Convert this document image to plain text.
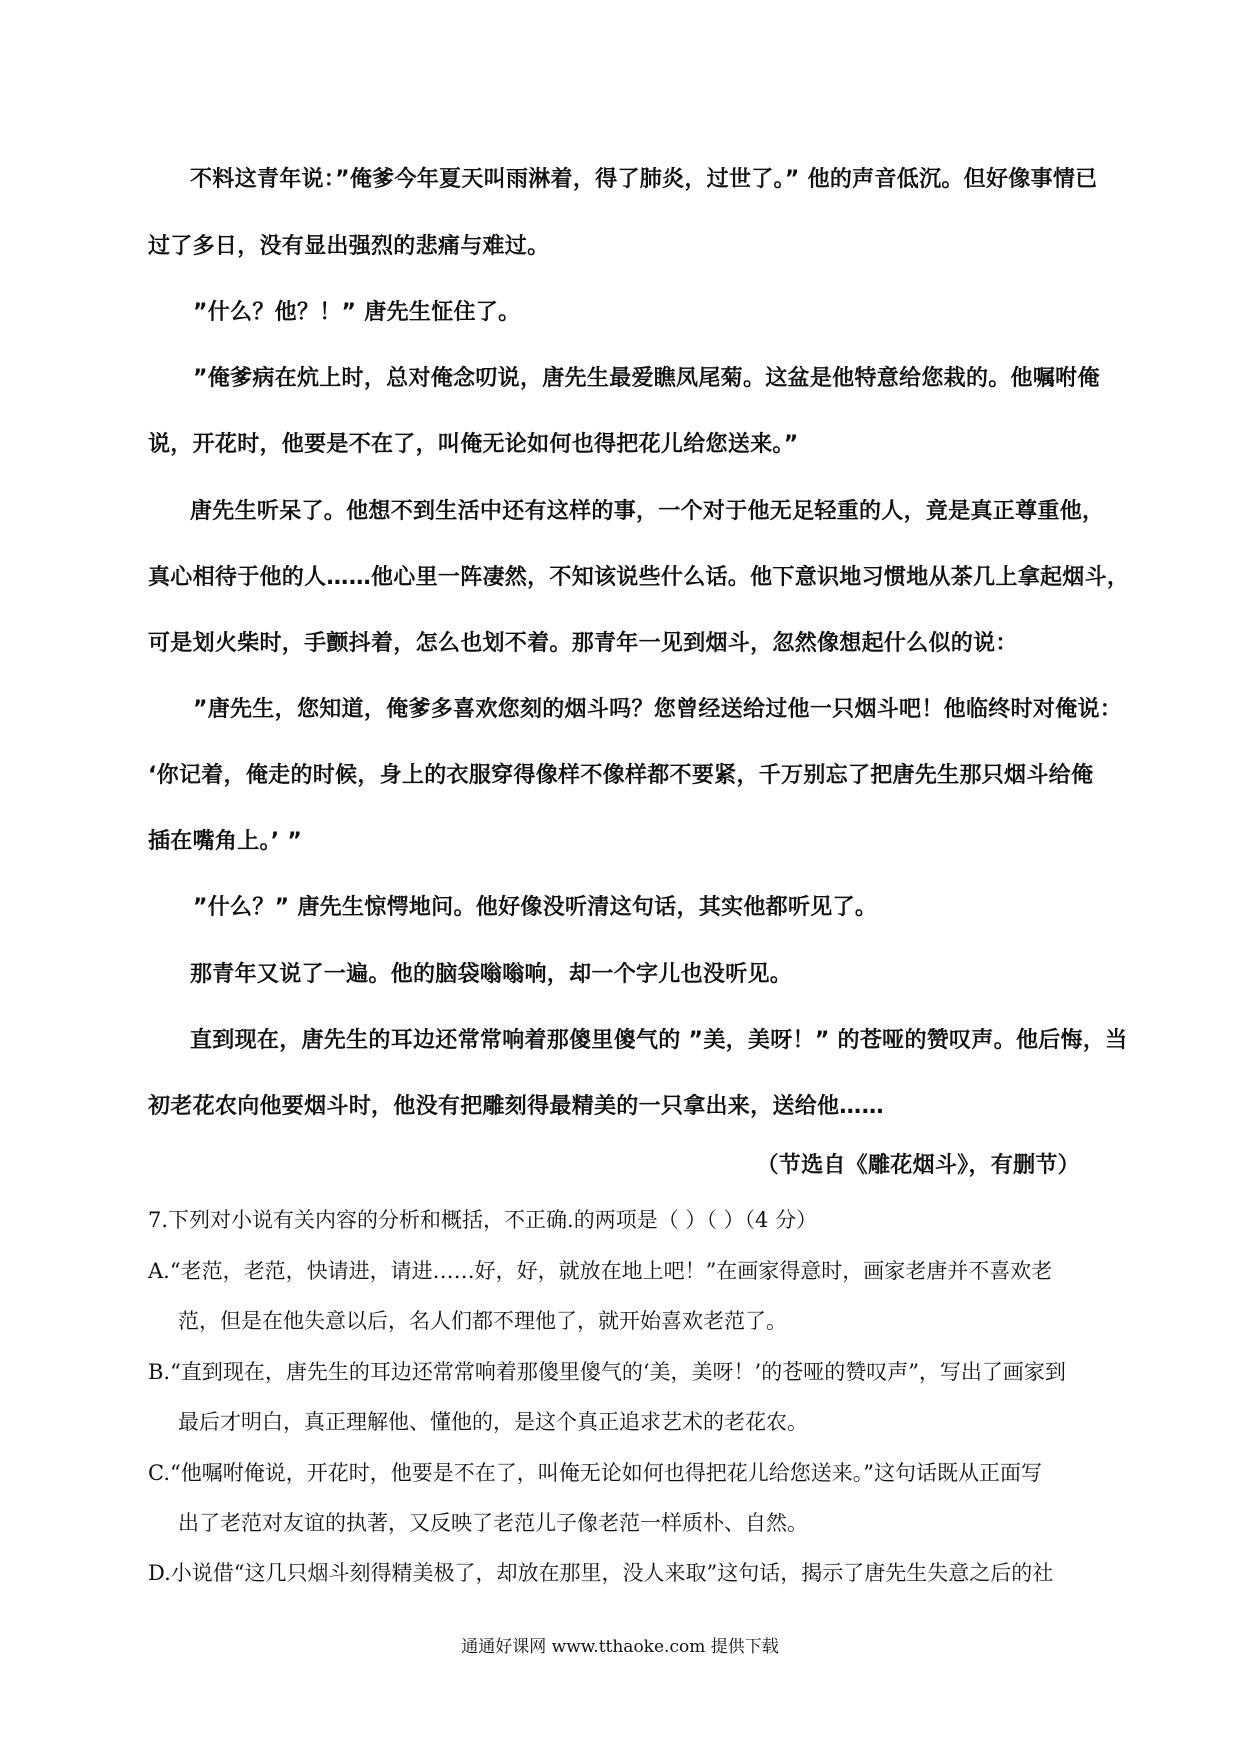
不料这青年说：”俺爹今年夏天叫雨淋着，得了肺炎，过世了。” 他的声音低沉。但好像事情已
过了多日，没有显出强烈的悲痛与难过。
”什么？他？！” 唐先生怔住了。
”俺爹病在炕上时，总对俺念叨说，唐先生最爱瞧凤尾菊。这盆是他特意给您栽的。他嘱咐俺
说，开花时，他要是不在了，叫俺无论如何也得把花儿给您送来。”
唐先生听呆了。他想不到生活中还有这样的事，一个对于他无足轻重的人，竟是真正尊重他，
真心相待于他的人……他心里一阵凄然，不知该说些什么话。他下意识地习惯地从茶几上拿起烟斗，
可是划火柴时，手颤抖着，怎么也划不着。那青年一见到烟斗，忽然像想起什么似的说：
”唐先生，您知道，俺爹多喜欢您刻的烟斗吗？您曾经送给过他一只烟斗吧！他临终时对俺说：
‘你记着，俺走的时候，身上的衣服穿得像样不像样都不要紧，千万别忘了把唐先生那只烟斗给俺
插在嘴角上。’ ”
”什么？” 唐先生惊愕地问。他好像没听清这句话，其实他都听见了。
那青年又说了一遍。他的脑袋嗡嗡响，却一个字儿也没听见。
直到现在，唐先生的耳边还常常响着那傻里傻气的 ”美，美呀！” 的苍哑的赞叹声。他后悔，当
初老花农向他要烟斗时，他没有把雕刻得最精美的一只拿出来，送给他……
（节选自《雕花烟斗》，有删节）
7.下列对小说有关内容的分析和概括，不正确.的两项是（ ）（ ）（4 分）
A.“老范，老范，快请进，请进……好，好，就放在地上吧！”在画家得意时，画家老唐并不喜欢老
范，但是在他失意以后，名人们都不理他了，就开始喜欢老范了。
B.“直到现在，唐先生的耳边还常常响着那傻里傻气的‘美，美呀！’的苍哑的赞叹声”，写出了画家到
最后才明白，真正理解他、懂他的，是这个真正追求艺术的老花农。
C.“他嘱咐俺说，开花时，他要是不在了，叫俺无论如何也得把花儿给您送来。”这句话既从正面写
出了老范对友谊的执著，又反映了老范儿子像老范一样质朴、自然。
D.小说借“这几只烟斗刻得精美极了，却放在那里，没人来取”这句话，揭示了唐先生失意之后的社
通通好课网 www.tthaoke.com 提供下载
